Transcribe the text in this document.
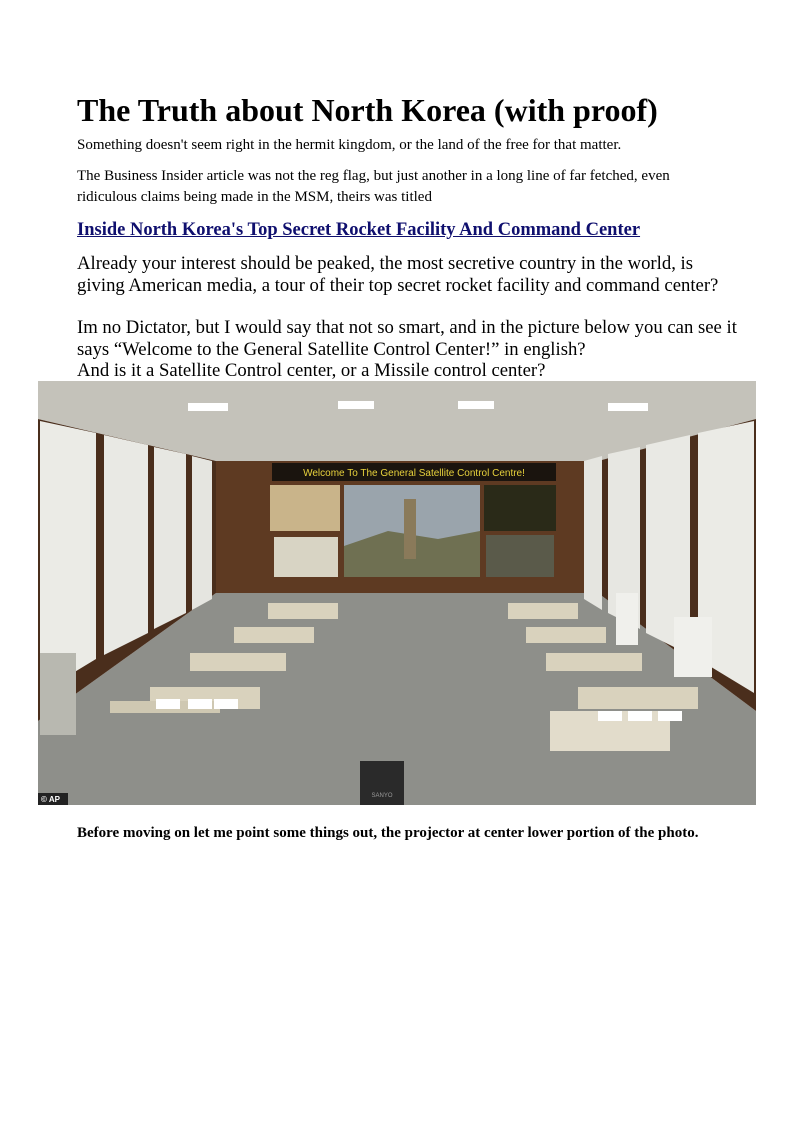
The Truth about North Korea (with proof)

Something doesn't seem right in the hermit kingdom, or the land of the free for that matter.

The Business Insider article was not the reg flag, but just another in a long line of far fetched, even ridiculous claims being made in the MSM, theirs was titled

Inside North Korea's Top Secret Rocket Facility And Command Center

Already your interest should be peaked, the most secretive country in the world, is giving American media, a tour of their top secret rocket facility and command center?

Im no Dictator, but I would say that not so smart, and in the picture below you can see it says “Welcome to the General Satellite Control Center!” in english?

And is it a Satellite Control center, or a Missile control center?

Welcome To The General Satellite Control Centre!
SANYO
© AP

Before moving on let me point some things out, the projector at center lower portion of the photo.
